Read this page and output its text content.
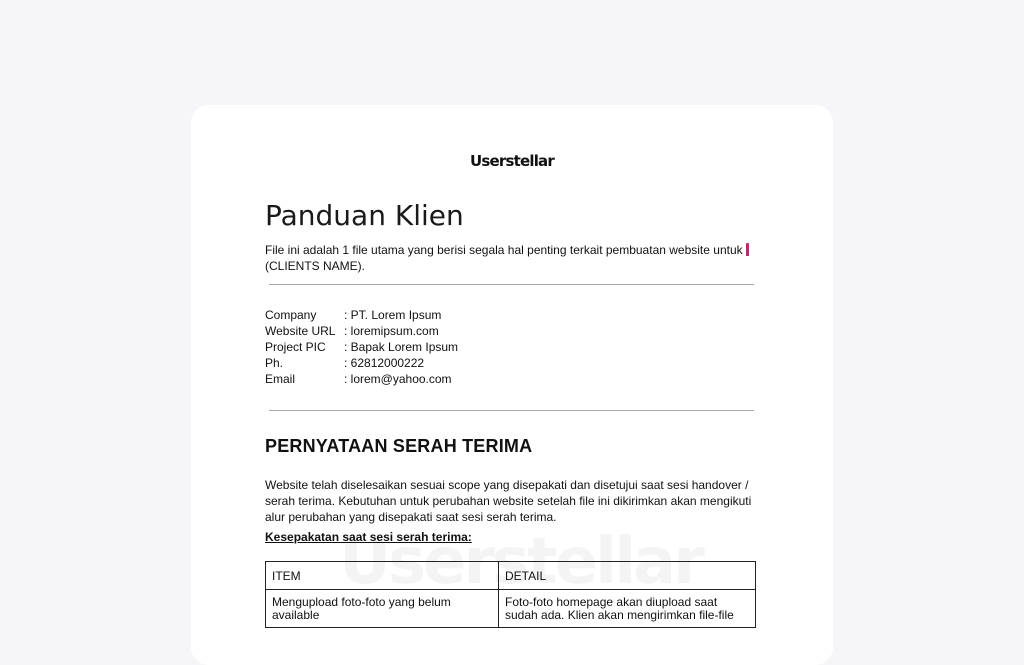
Userstellar
Panduan Klien

File ini adalah 1 file utama yang berisi segala hal penting terkait pembuatan website untuk (CLIENTS NAME).

Company	: PT. Lorem Ipsum
Website URL : loremipsum.com
Project PIC	: Bapak Lorem Ipsum
Ph.	: 62812000222
Email	: lorem@yahoo.com
PERNYATAAN SERAH TERIMA

Website telah diselesaikan sesuai scope yang disepakati dan disetujui saat sesi handover / serah terima. Kebutuhan untuk perubahan website setelah file ini dikirimkan akan mengikuti alur perubahan yang disepakati saat sesi serah terima.

Kesepakatan saat sesi serah terima:

ITEM	DETAIL
Mengupload foto-foto yang belum available	Foto-foto homepage akan diupload saat sudah ada. Klien akan mengirimkan file-file
